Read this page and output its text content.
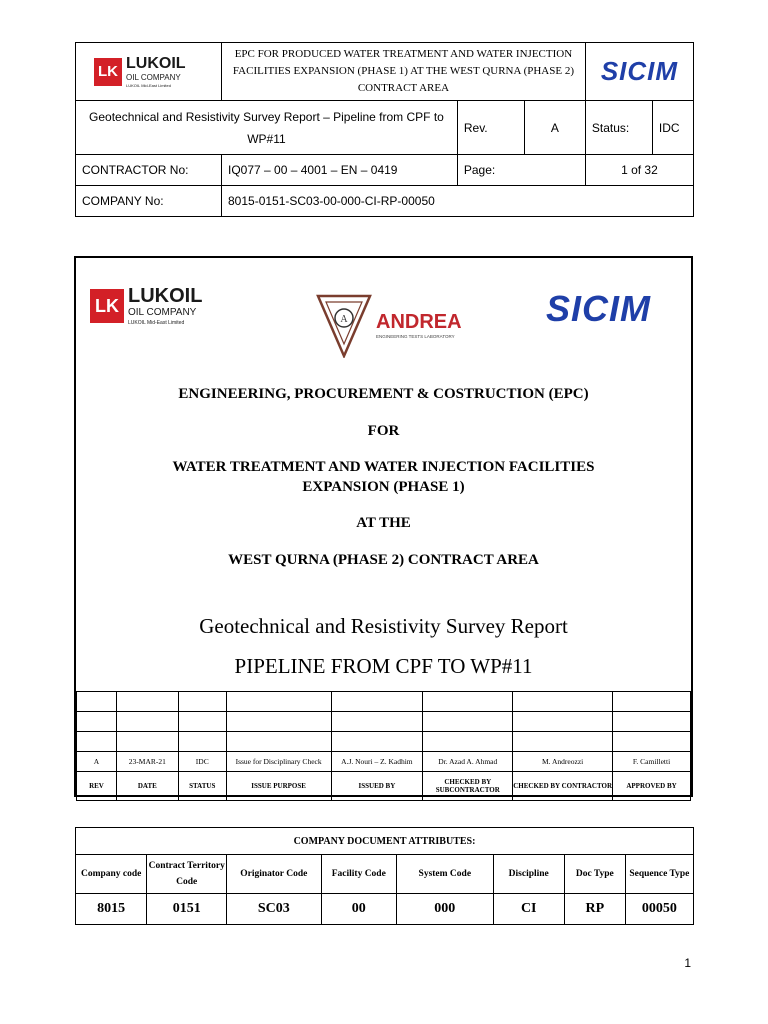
LK LUKOIL
OIL COMPANY
LUKOIL Mid-East Limited	EPC FOR PRODUCED WATER TREATMENT AND WATER INJECTION FACILITIES EXPANSION (PHASE 1) AT THE WEST QURNA (PHASE 2) CONTRACT AREA			SICIM	

Geotechnical and Resistivity Survey Report – Pipeline from CPF to WP#11		Rev.	A	Status:	IDC
CONTRACTOR No:	IQ077 – 00 – 4001 – EN – 0419	Page:		1 of 32	
COMPANY No:	8015-0151-SC03-00-000-CI-RP-00050				
LK LUKOIL
OIL COMPANY
LUKOIL Mid-East Limited	A ANDREA
ENGINEERING TESTS LABORATORY
SICIM
ENGINEERING, PROCUREMENT & COSTRUCTION (EPC)
FOR
WATER TREATMENT AND WATER INJECTION FACILITIES
EXPANSION (PHASE 1)
AT THE
WEST QURNA (PHASE 2) CONTRACT AREA
Geotechnical and Resistivity Survey Report
PIPELINE FROM CPF TO WP#11

A	23-MAR-21	IDC	Issue for Disciplinary Check	A.J. Nouri – Z. Kadhim	Dr. Azad A. Ahmad	M. Andreozzi	F. Camilletti
REV	DATE	STATUS	ISSUE PURPOSE	ISSUED BY	CHECKED BY SUBCONTRACTOR	CHECKED BY CONTRACTOR	APPROVED BY
COMPANY DOCUMENT ATTRIBUTES:							
Company code	Contract Territory Code	Originator Code	Facility Code	System Code	Discipline	Doc Type	Sequence Type
8015	0151	SC03	00	000	CI	RP	00050
1
